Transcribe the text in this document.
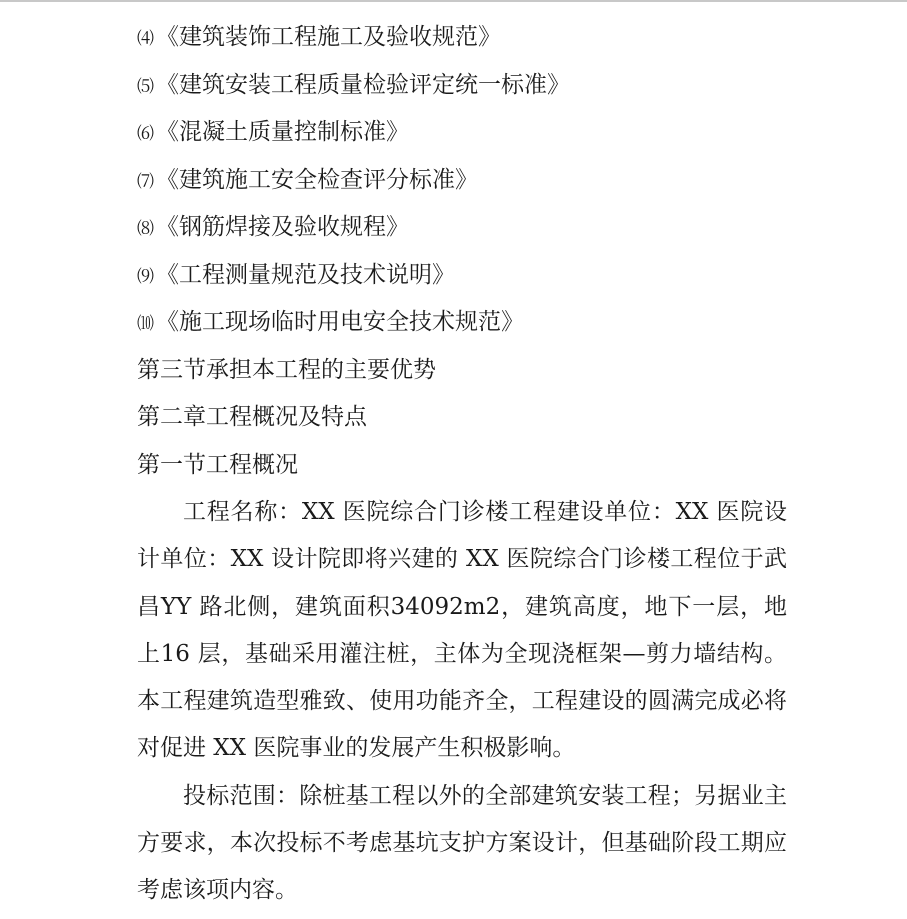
⑷《建筑装饰工程施工及验收规范》
⑸《建筑安装工程质量检验评定统一标准》
⑹《混凝土质量控制标准》
⑺《建筑施工安全检查评分标准》
⑻《钢筋焊接及验收规程》
⑼《工程测量规范及技术说明》
⑽《施工现场临时用电安全技术规范》
第三节承担本工程的主要优势
第二章工程概况及特点
第一节工程概况

工程名称：XX 医院综合门诊楼工程建设单位：XX 医院设计单位：XX 设计院即将兴建的 XX 医院综合门诊楼工程位于武昌YY 路北侧，建筑面积34092m2，建筑高度，地下一层，地上16 层，基础采用灌注桩，主体为全现浇框架—剪力墙结构。本工程建筑造型雅致、使用功能齐全，工程建设的圆满完成必将对促进 XX 医院事业的发展产生积极影响。

投标范围：除桩基工程以外的全部建筑安装工程；另据业主方要求，本次投标不考虑基坑支护方案设计，但基础阶段工期应考虑该项内容。
